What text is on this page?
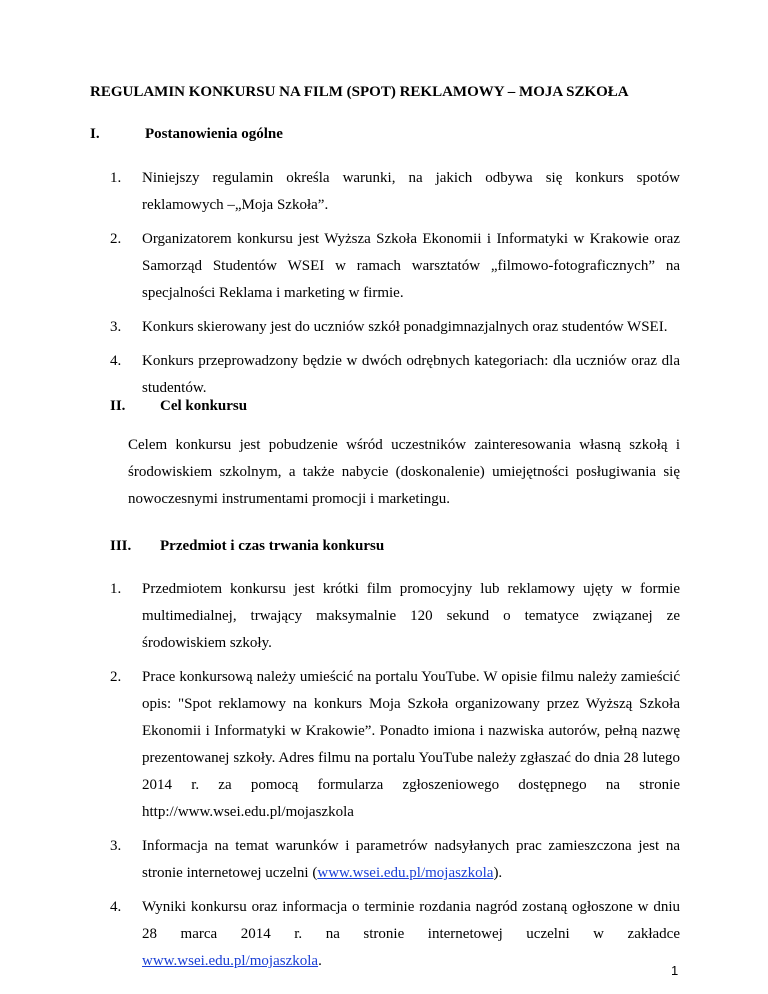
REGULAMIN KONKURSU NA FILM (SPOT) REKLAMOWY – MOJA SZKOŁA
I.	Postanowienia ogólne
1. Niniejszy regulamin określa warunki, na jakich odbywa się konkurs spotów reklamowych –„Moja Szkoła”.
2. Organizatorem konkursu jest Wyższa Szkoła Ekonomii i Informatyki w Krakowie oraz Samorząd Studentów WSEI w ramach warsztatów „filmowo-fotograficznych” na specjalności Reklama i marketing w firmie.
3. Konkurs skierowany jest do uczniów szkół ponadgimnazjalnych oraz studentów WSEI.
4. Konkurs przeprowadzony będzie w dwóch odrębnych kategoriach: dla uczniów oraz dla studentów.
II. Cel konkursu
Celem konkursu jest pobudzenie wśród uczestników zainteresowania własną szkołą i środowiskiem szkolnym, a także nabycie (doskonalenie) umiejętności posługiwania się nowoczesnymi instrumentami promocji i marketingu.
III. Przedmiot i czas trwania konkursu
1. Przedmiotem konkursu jest krótki film promocyjny lub reklamowy ujęty w formie multimedialnej, trwający maksymalnie 120 sekund o tematyce związanej ze środowiskiem szkoły.
2. Prace konkursową należy umieścić na portalu YouTube. W opisie filmu należy zamieścić opis: "Spot reklamowy na konkurs Moja Szkoła organizowany przez Wyższą Szkoła Ekonomii i Informatyki w Krakowie”. Ponadto imiona i nazwiska autorów, pełną nazwę prezentowanej szkoły. Adres filmu na portalu YouTube należy zgłaszać do dnia 28 lutego 2014 r. za pomocą formularza zgłoszeniowego dostępnego na stronie http://www.wsei.edu.pl/mojaszkola
3. Informacja na temat warunków i parametrów nadsyłanych prac zamieszczona jest na stronie internetowej uczelni (www.wsei.edu.pl/mojaszkola).
4. Wyniki konkursu oraz informacja o terminie rozdania nagród zostaną ogłoszone w dniu 28 marca 2014 r. na stronie internetowej uczelni w zakładce www.wsei.edu.pl/mojaszkola.
1
